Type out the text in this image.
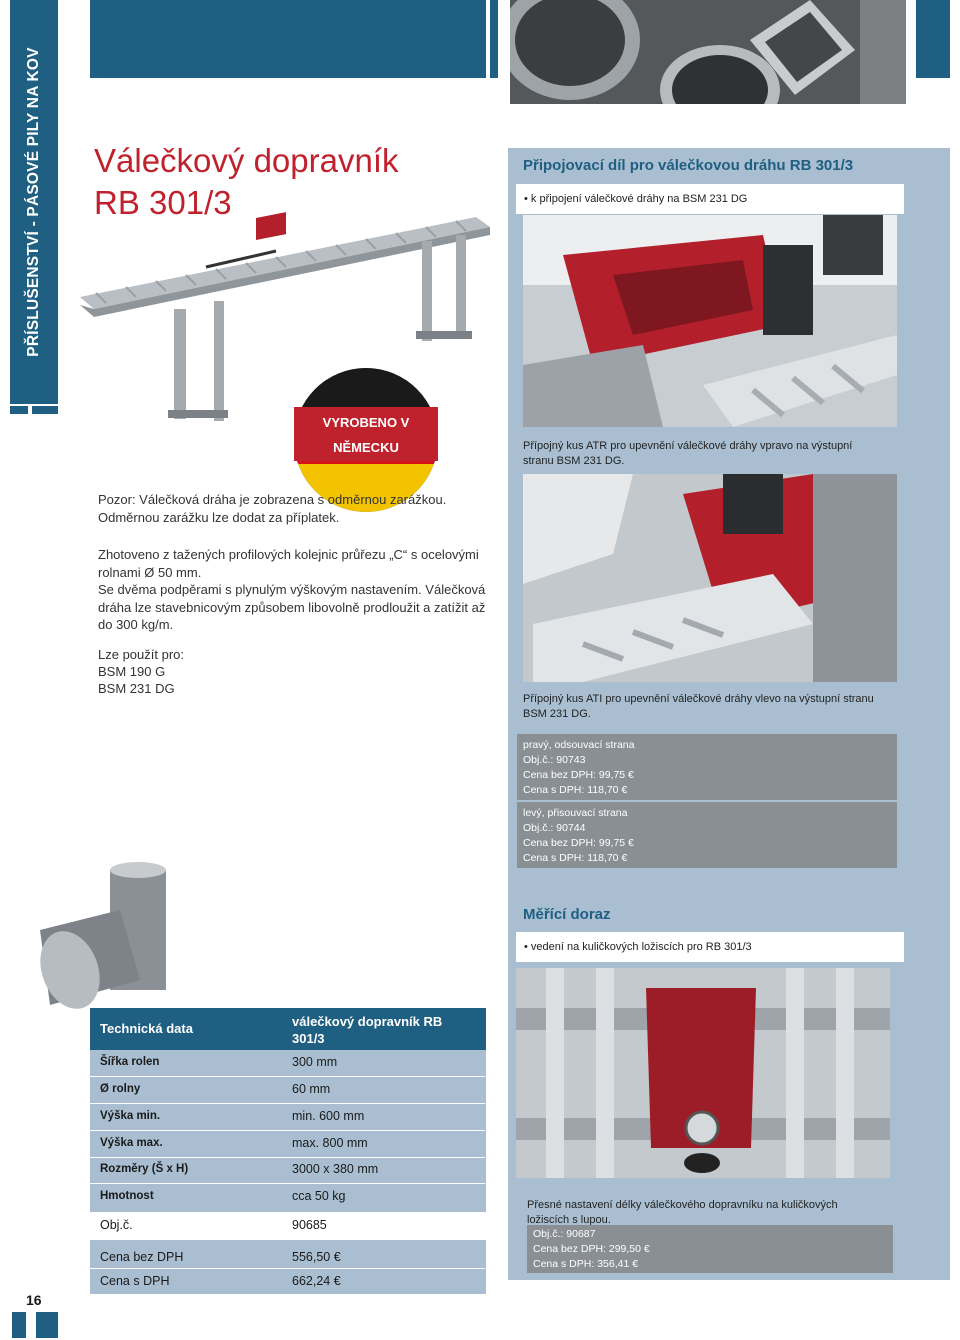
PŘÍSLUŠENSTVÍ - PÁSOVÉ PILY NA KOV Válečkový dopravník
RB 301/3
VYROBENO V
NĚMECKU
Pozor: Válečková dráha je zobrazena s odměrnou zarážkou. Odměrnou zarážku lze dodat za příplatek.
Zhotoveno z tažených profilových kolejnic průřezu „C“ s ocelovými rolnami Ø 50 mm.
Se dvěma podpěrami s plynulým výškovým nastavením. Válečková dráha lze stavebnicovým způsobem libovolně prodloužit a zatížit až do 300 kg/m.
Lze použít pro:
BSM 190 G
BSM 231 DG
Připojovací díl pro válečkovou dráhu RB 301/3
• k připojení válečkové dráhy na BSM 231 DG
Přípojný kus ATR pro upevnění válečkové dráhy vpravo na výstupní stranu BSM 231 DG.
Přípojný kus ATI pro upevnění válečkové dráhy vlevo na výstupní stranu BSM 231 DG.
pravý, odsouvací strana
Obj.č.: 90743
Cena bez DPH: 99,75 €
Cena s DPH: 118,70 €
levý, přisouvací strana
Obj.č.: 90744
Cena bez DPH: 99,75 €
Cena s DPH: 118,70 €
Měřící doraz
• vedení na kuličkových ložiscích pro RB 301/3
Přesné nastavení délky válečkového dopravníku na kuličkových ložiscích s lupou.
Obj.č.: 90687
Cena bez DPH: 299,50 €
Cena s DPH: 356,41 €
Technická data	válečkový dopravník RB 301/3
Šířka rolen	300 mm
Ø rolny	60 mm
Výška min.	min. 600 mm
Výška max.	max. 800 mm
Rozměry (Š x H)	3000 x 380 mm
Hmotnost	cca 50 kg
Obj.č.	90685
Cena bez DPH	556,50 €
Cena s DPH	662,24 €
16
